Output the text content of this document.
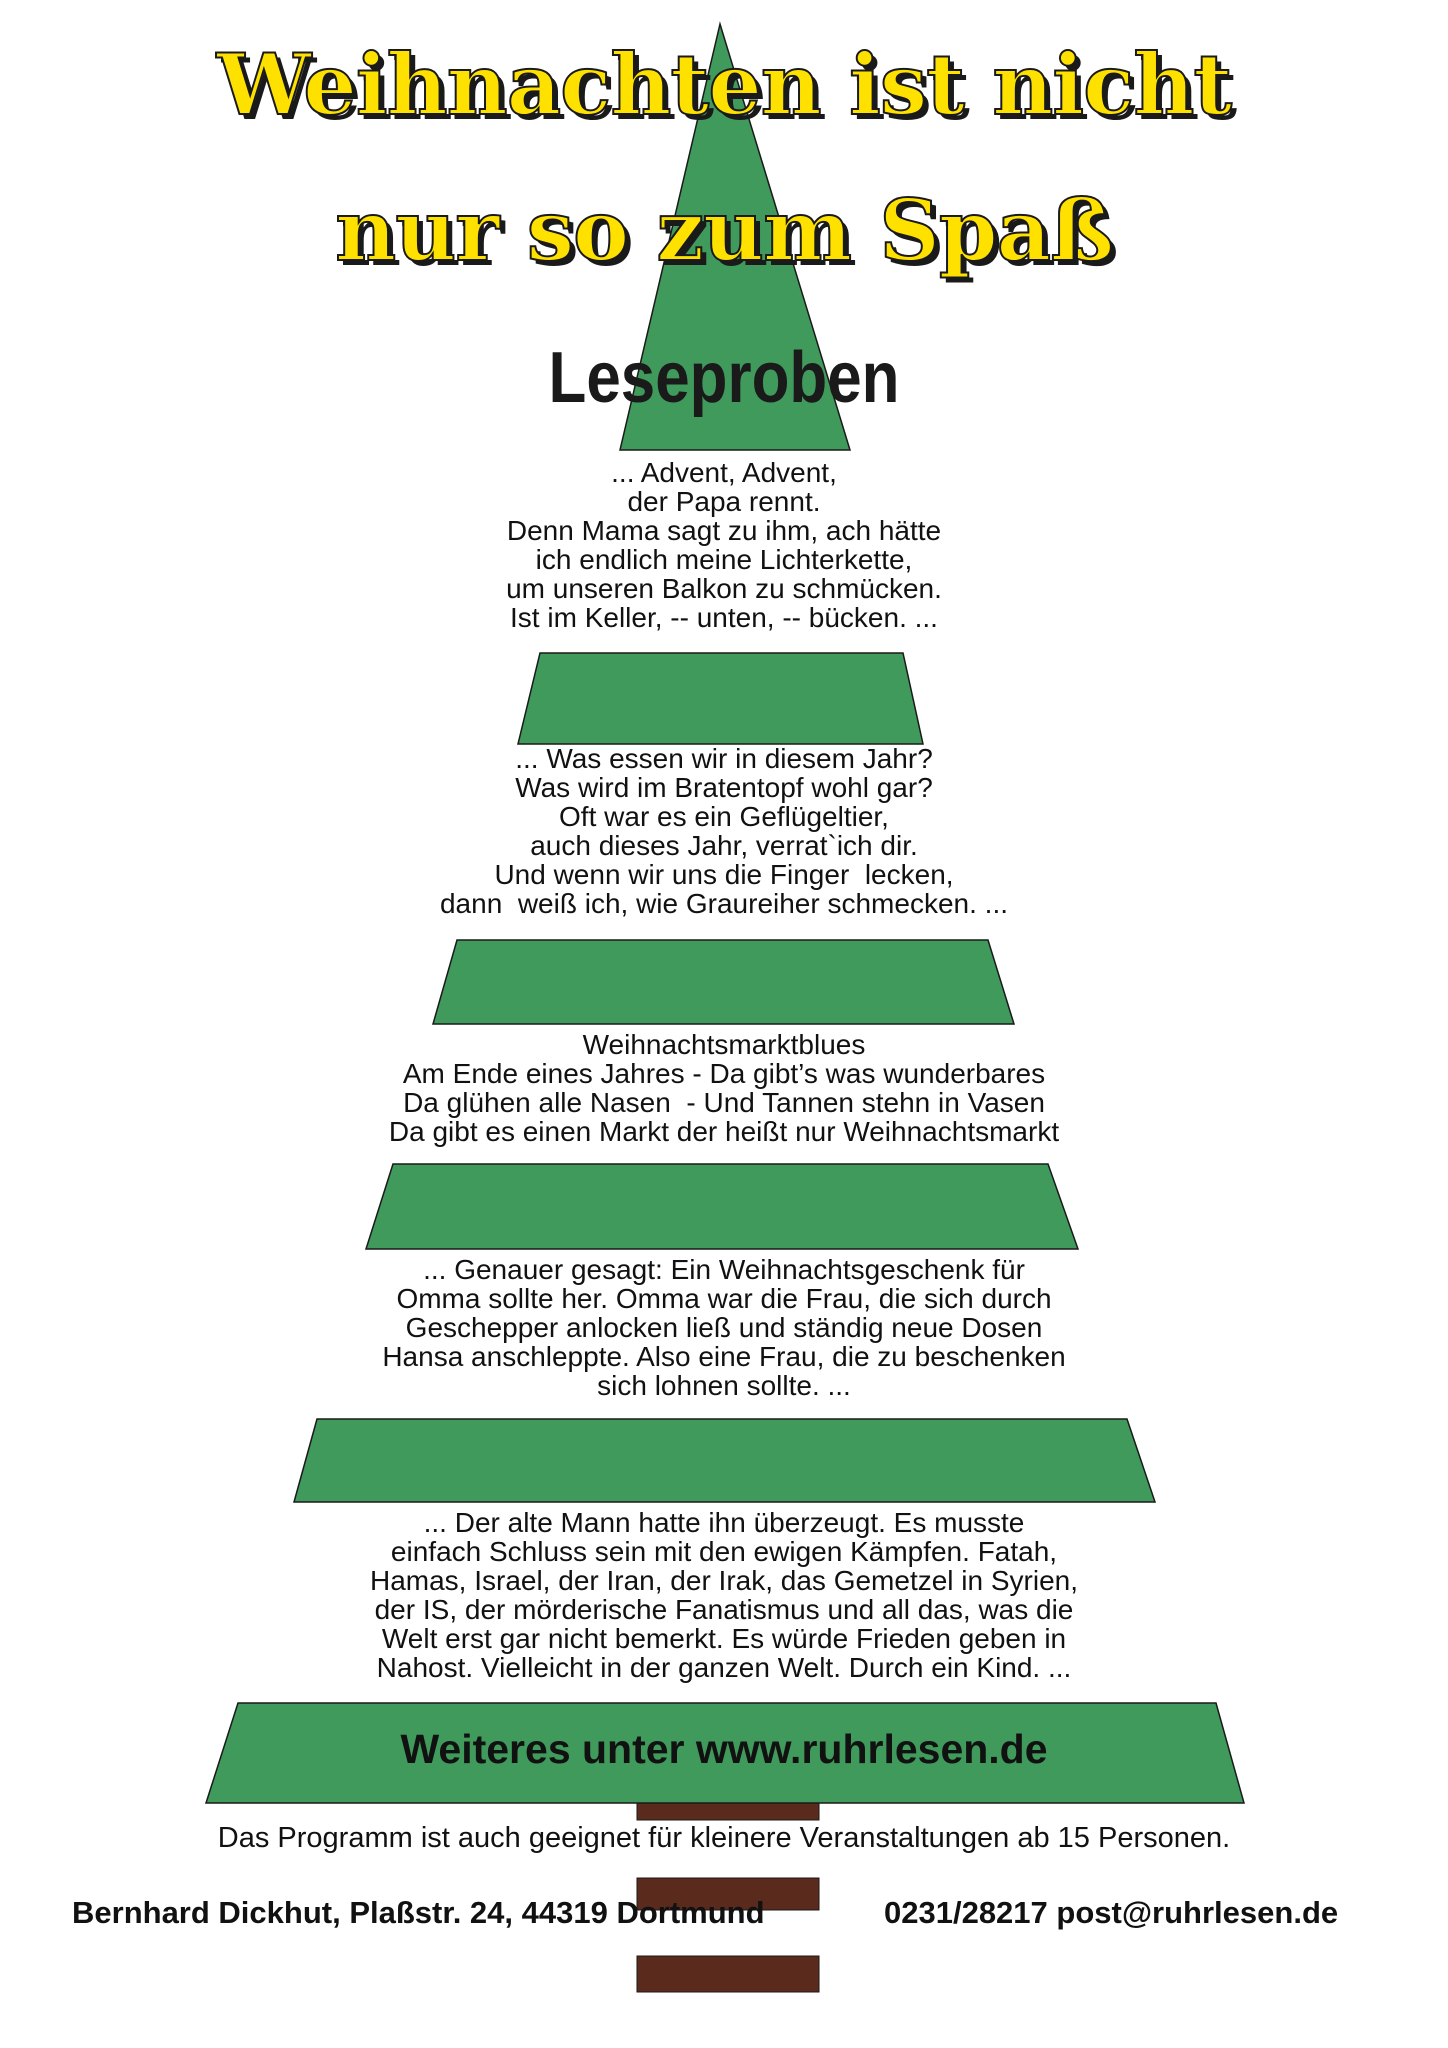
Weihnachten ist nicht
nur so zum Spaß
Leseproben
... Advent, Advent,
der Papa rennt.
Denn Mama sagt zu ihm, ach hätte
ich endlich meine Lichterkette,
um unseren Balkon zu schmücken.
Ist im Keller, -- unten, -- bücken. ...
... Was essen wir in diesem Jahr?
Was wird im Bratentopf wohl gar?
Oft war es ein Geflügeltier,
auch dieses Jahr, verrat`ich dir.
Und wenn wir uns die Finger  lecken,
dann  weiß ich, wie Graureiher schmecken. ...
Weihnachtsmarktblues
Am Ende eines Jahres - Da gibt’s was wunderbares
Da glühen alle Nasen  - Und Tannen stehn in Vasen
Da gibt es einen Markt der heißt nur Weihnachtsmarkt
... Genauer gesagt: Ein Weihnachtsgeschenk für
Omma sollte her. Omma war die Frau, die sich durch
Geschepper anlocken ließ und ständig neue Dosen
Hansa anschleppte. Also eine Frau, die zu beschenken
sich lohnen sollte. ...
... Der alte Mann hatte ihn überzeugt. Es musste
einfach Schluss sein mit den ewigen Kämpfen. Fatah,
Hamas, Israel, der Iran, der Irak, das Gemetzel in Syrien,
der IS, der mörderische Fanatismus und all das, was die
Welt erst gar nicht bemerkt. Es würde Frieden geben in
Nahost. Vielleicht in der ganzen Welt. Durch ein Kind. ...
Weiteres unter www.ruhrlesen.de
Das Programm ist auch geeignet für kleinere Veranstaltungen ab 15 Personen.
Bernhard Dickhut, Plaßstr. 24, 44319 Dortmund	0231/28217 post@ruhrlesen.de
